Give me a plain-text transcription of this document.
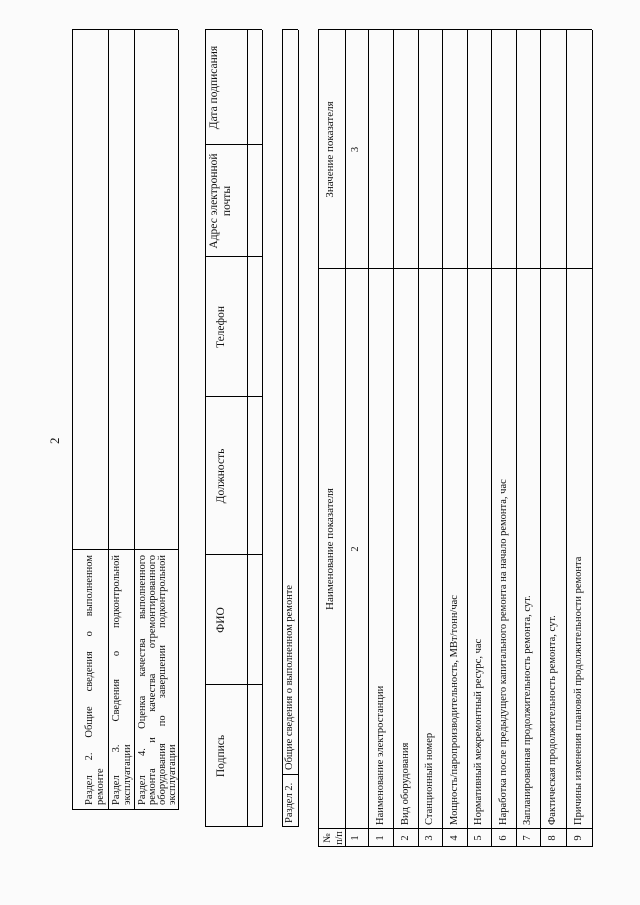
2
Раздел 2. Общие сведения о выполненном ремонте Раздел 3. Сведения о подконтрольной эксплуатации Раздел 4. Оценка качества выполненного ремонта и качества отремонтированного оборудования по завершении подконтрольной эксплуатации	Подпись
ФИО
Должность
Телефон
Адрес электронной почты
Дата подписания
Раздел 2.
Общие сведения о выполненном ремонте
№ п/п
Наименование показателя
Значение показателя
1
2
3
1
Наименование электростанции
2
Вид оборудования
3
Станционный номер
4
Мощность/паропроизводительность, МВт/тонн/час
5
Нормативный межремонтный ресурс, час
6
Наработка после предыдущего капитального ремонта на начало ремонта, час
7
Запланированная продолжительность ремонта, сут.
8
Фактическая продолжительность ремонта, сут.
9
Причины изменения плановой продолжительности ремонта
